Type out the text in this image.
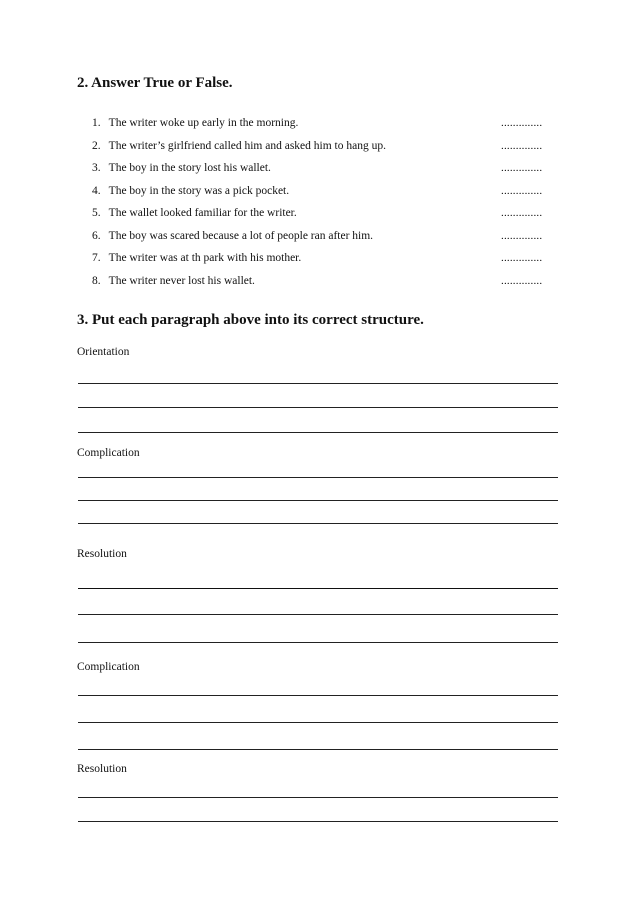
2. Answer True or False.
1. The writer woke up early in the morning.	..............
2. The writer’s girlfriend called him and asked him to hang up.	..............
3. The boy in the story lost his wallet.	..............
4. The boy in the story was a pick pocket.	..............
5. The wallet looked familiar for the writer.	..............
6. The boy was scared because a lot of people ran after him.	..............
7. The writer was at th park with his mother.	..............
8. The writer never lost his wallet.	..............
3. Put each paragraph above into its correct structure.
Orientation
Complication
Resolution
Complication
Resolution
